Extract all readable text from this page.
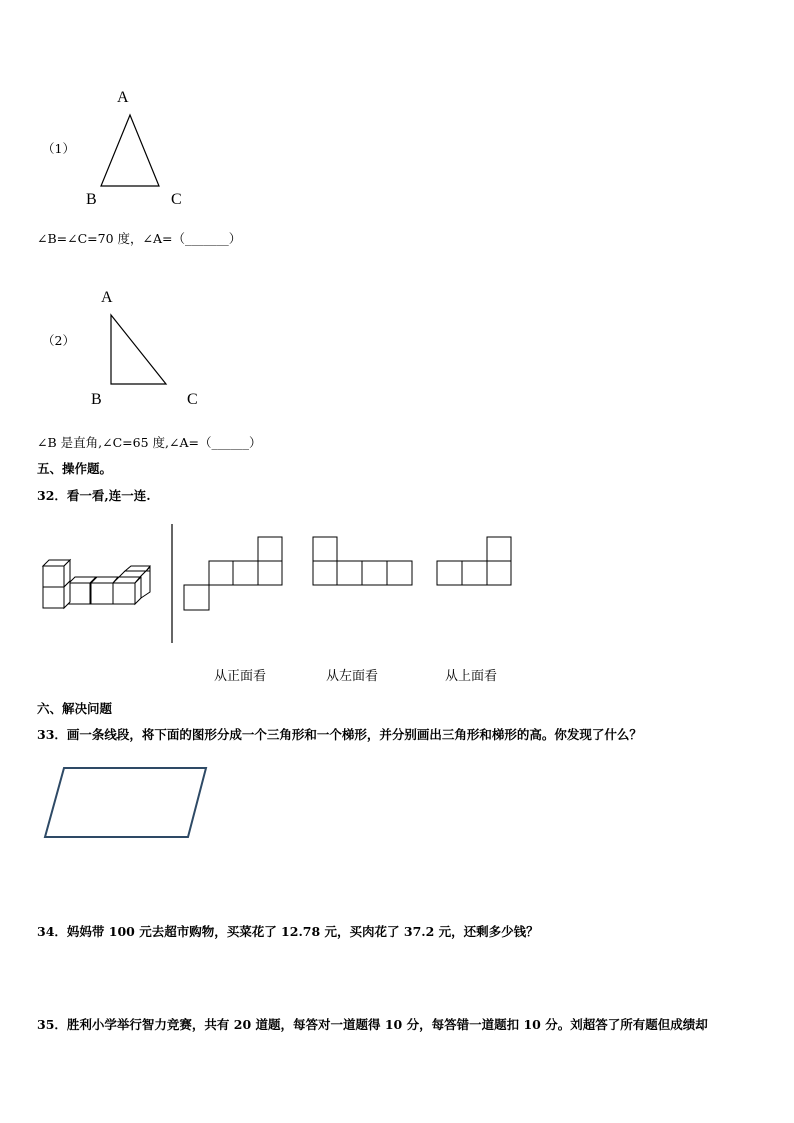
（1）
A
B	C
∠B=∠C=70 度，∠A=（_______）
（2）
A
B	C
∠B 是直角,∠C=65 度,∠A=（______）
五、操作题。
32．看一看,连一连.
从正面看	从左面看	从上面看
六、解决问题
33．画一条线段，将下面的图形分成一个三角形和一个梯形，并分别画出三角形和梯形的高。你发现了什么？
34．妈妈带 100 元去超市购物，买菜花了 12.78 元，买肉花了 37.2 元，还剩多少钱？
35．胜利小学举行智力竞赛，共有 20 道题，每答对一道题得 10 分，每答错一道题扣 10 分。刘超答了所有题但成绩却
